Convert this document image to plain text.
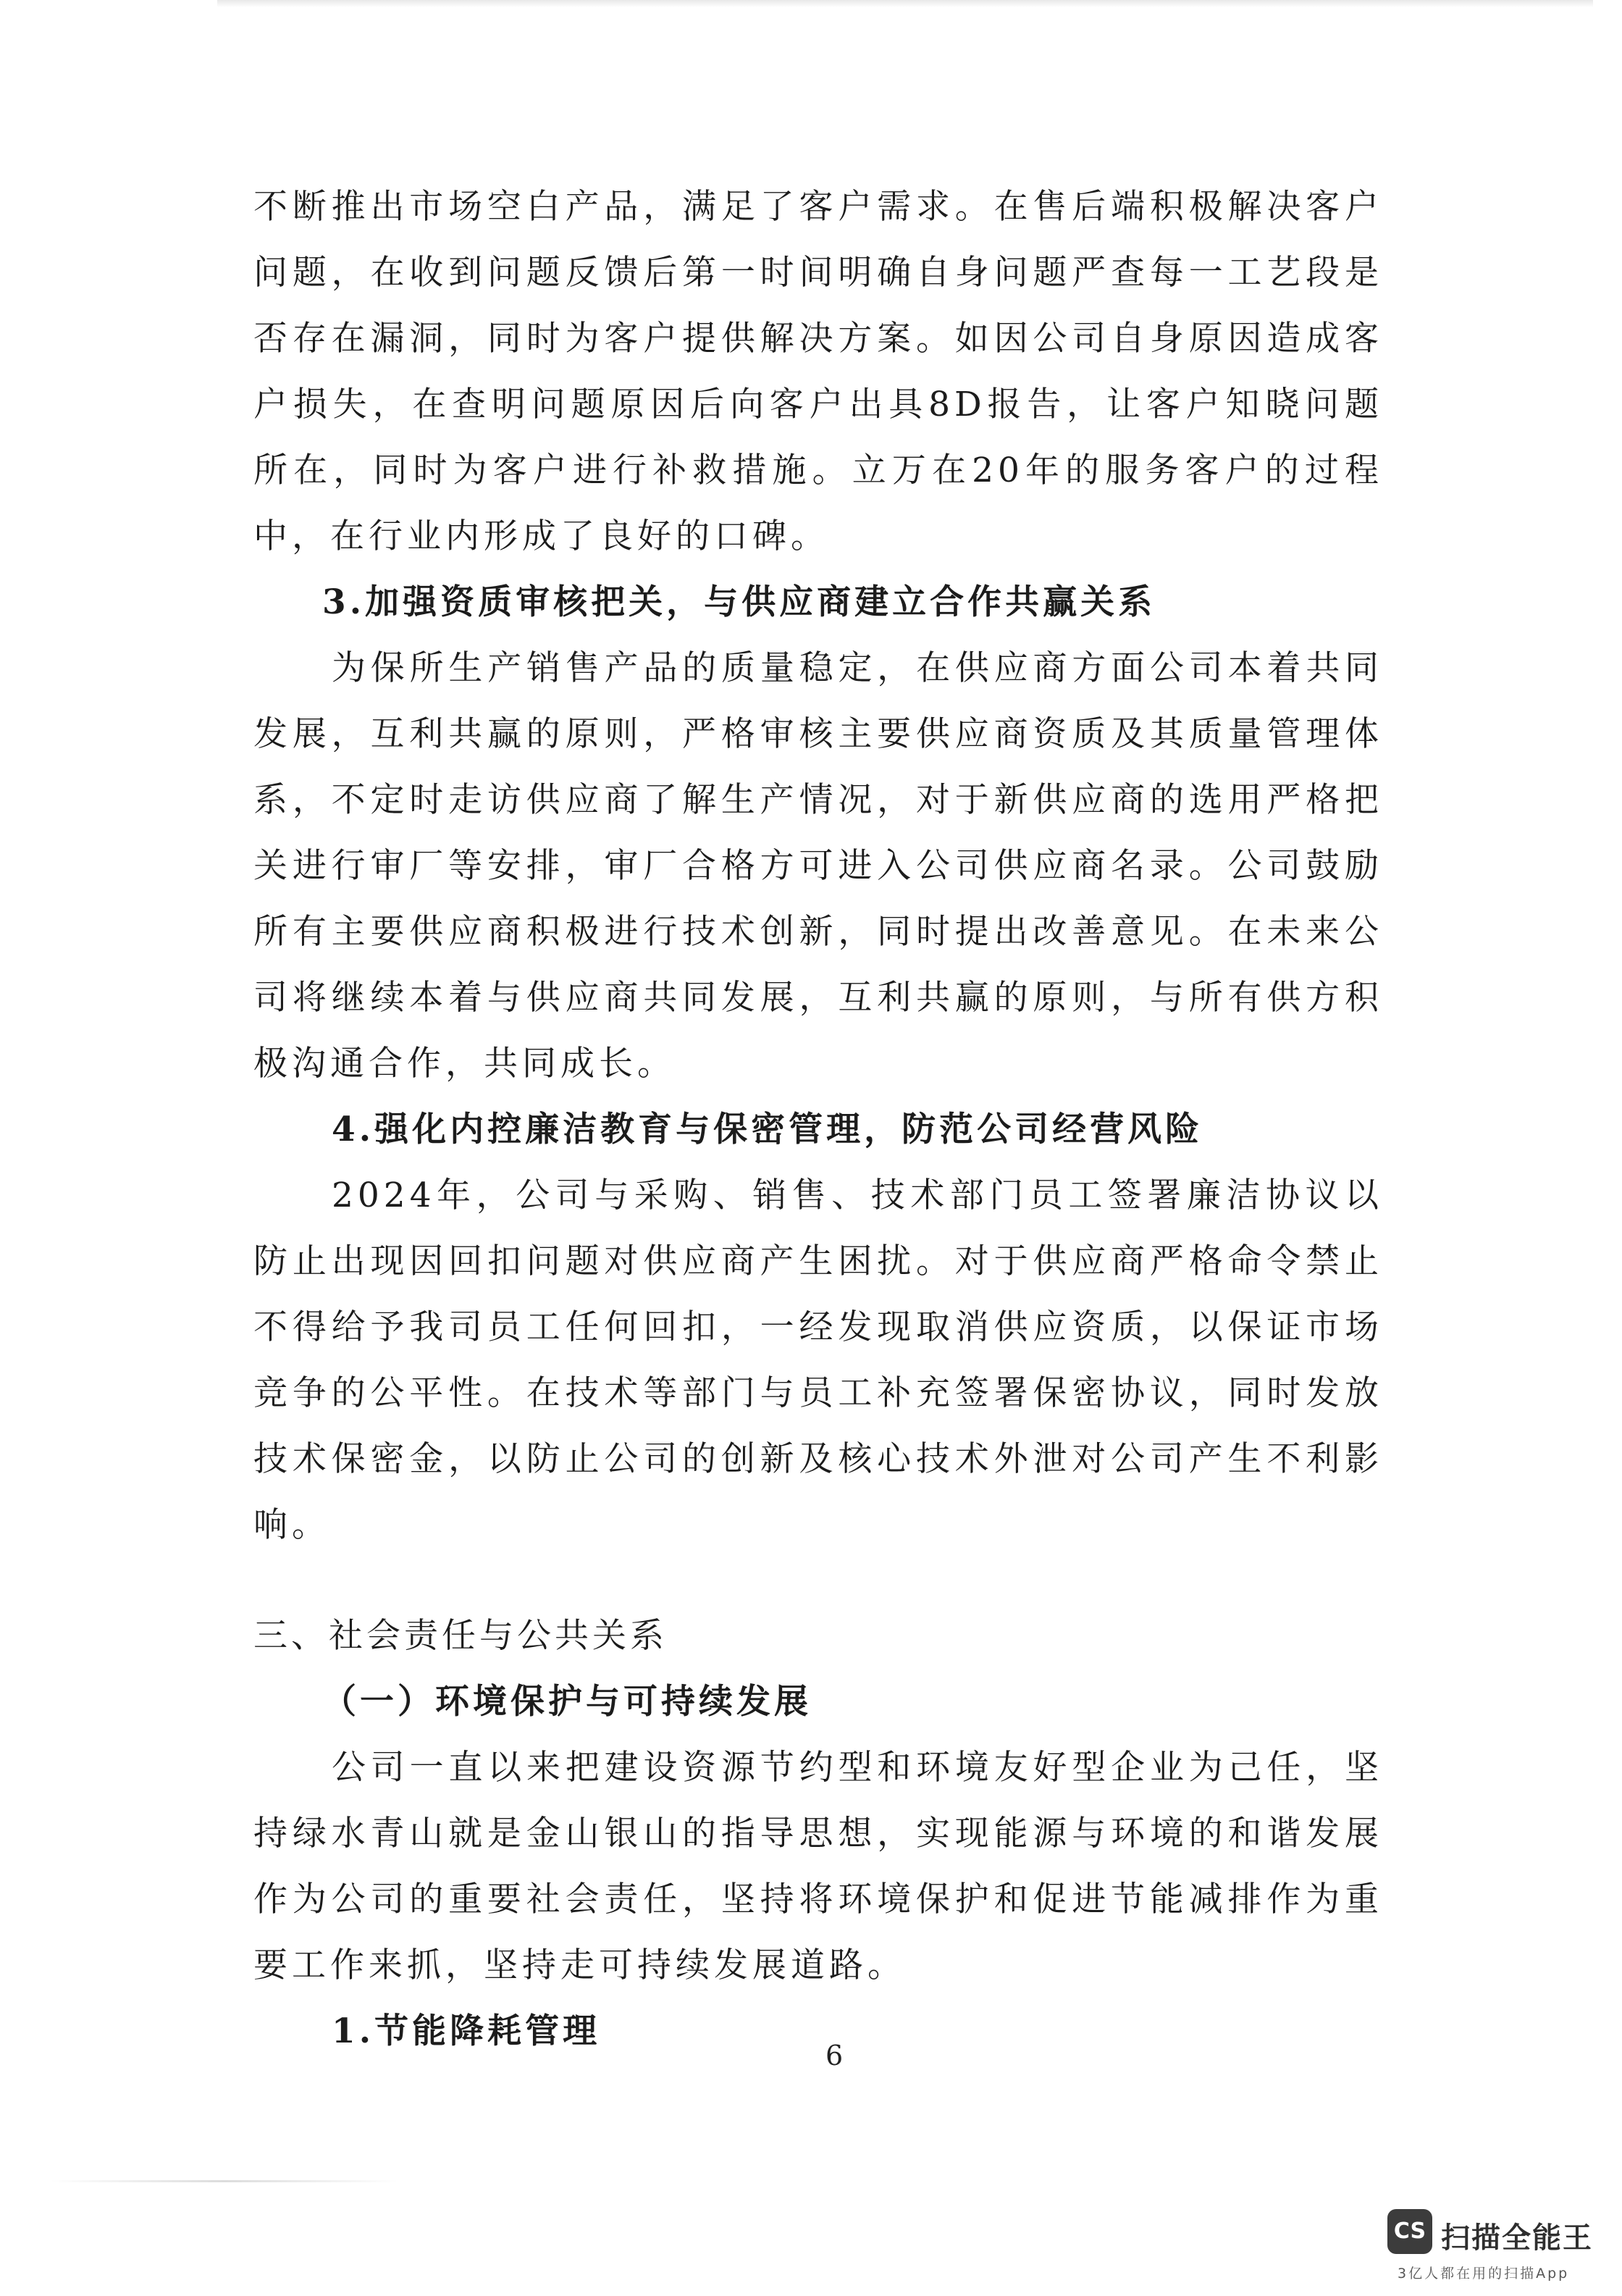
不断推出市场空白产品，满足了客户需求。在售后端积极解决客户问题，在收到问题反馈后第一时间明确自身问题严查每一工艺段是否存在漏洞，同时为客户提供解决方案。如因公司自身原因造成客户损失，在查明问题原因后向客户出具8D报告，让客户知晓问题所在，同时为客户进行补救措施。立万在20年的服务客户的过程中，在行业内形成了良好的口碑。

3.加强资质审核把关，与供应商建立合作共赢关系

为保所生产销售产品的质量稳定，在供应商方面公司本着共同发展，互利共赢的原则，严格审核主要供应商资质及其质量管理体系，不定时走访供应商了解生产情况，对于新供应商的选用严格把关进行审厂等安排，审厂合格方可进入公司供应商名录。公司鼓励所有主要供应商积极进行技术创新，同时提出改善意见。在未来公司将继续本着与供应商共同发展，互利共赢的原则，与所有供方积极沟通合作，共同成长。

4.强化内控廉洁教育与保密管理，防范公司经营风险

2024年，公司与采购、销售、技术部门员工签署廉洁协议以防止出现因回扣问题对供应商产生困扰。对于供应商严格命令禁止不得给予我司员工任何回扣，一经发现取消供应资质，以保证市场竞争的公平性。在技术等部门与员工补充签署保密协议，同时发放技术保密金，以防止公司的创新及核心技术外泄对公司产生不利影响。

三、社会责任与公共关系

（一）环境保护与可持续发展

公司一直以来把建设资源节约型和环境友好型企业为己任，坚持绿水青山就是金山银山的指导思想，实现能源与环境的和谐发展作为公司的重要社会责任，坚持将环境保护和促进节能减排作为重要工作来抓，坚持走可持续发展道路。

1.节能降耗管理

6
CS 扫描全能王
3亿人都在用的扫描App
